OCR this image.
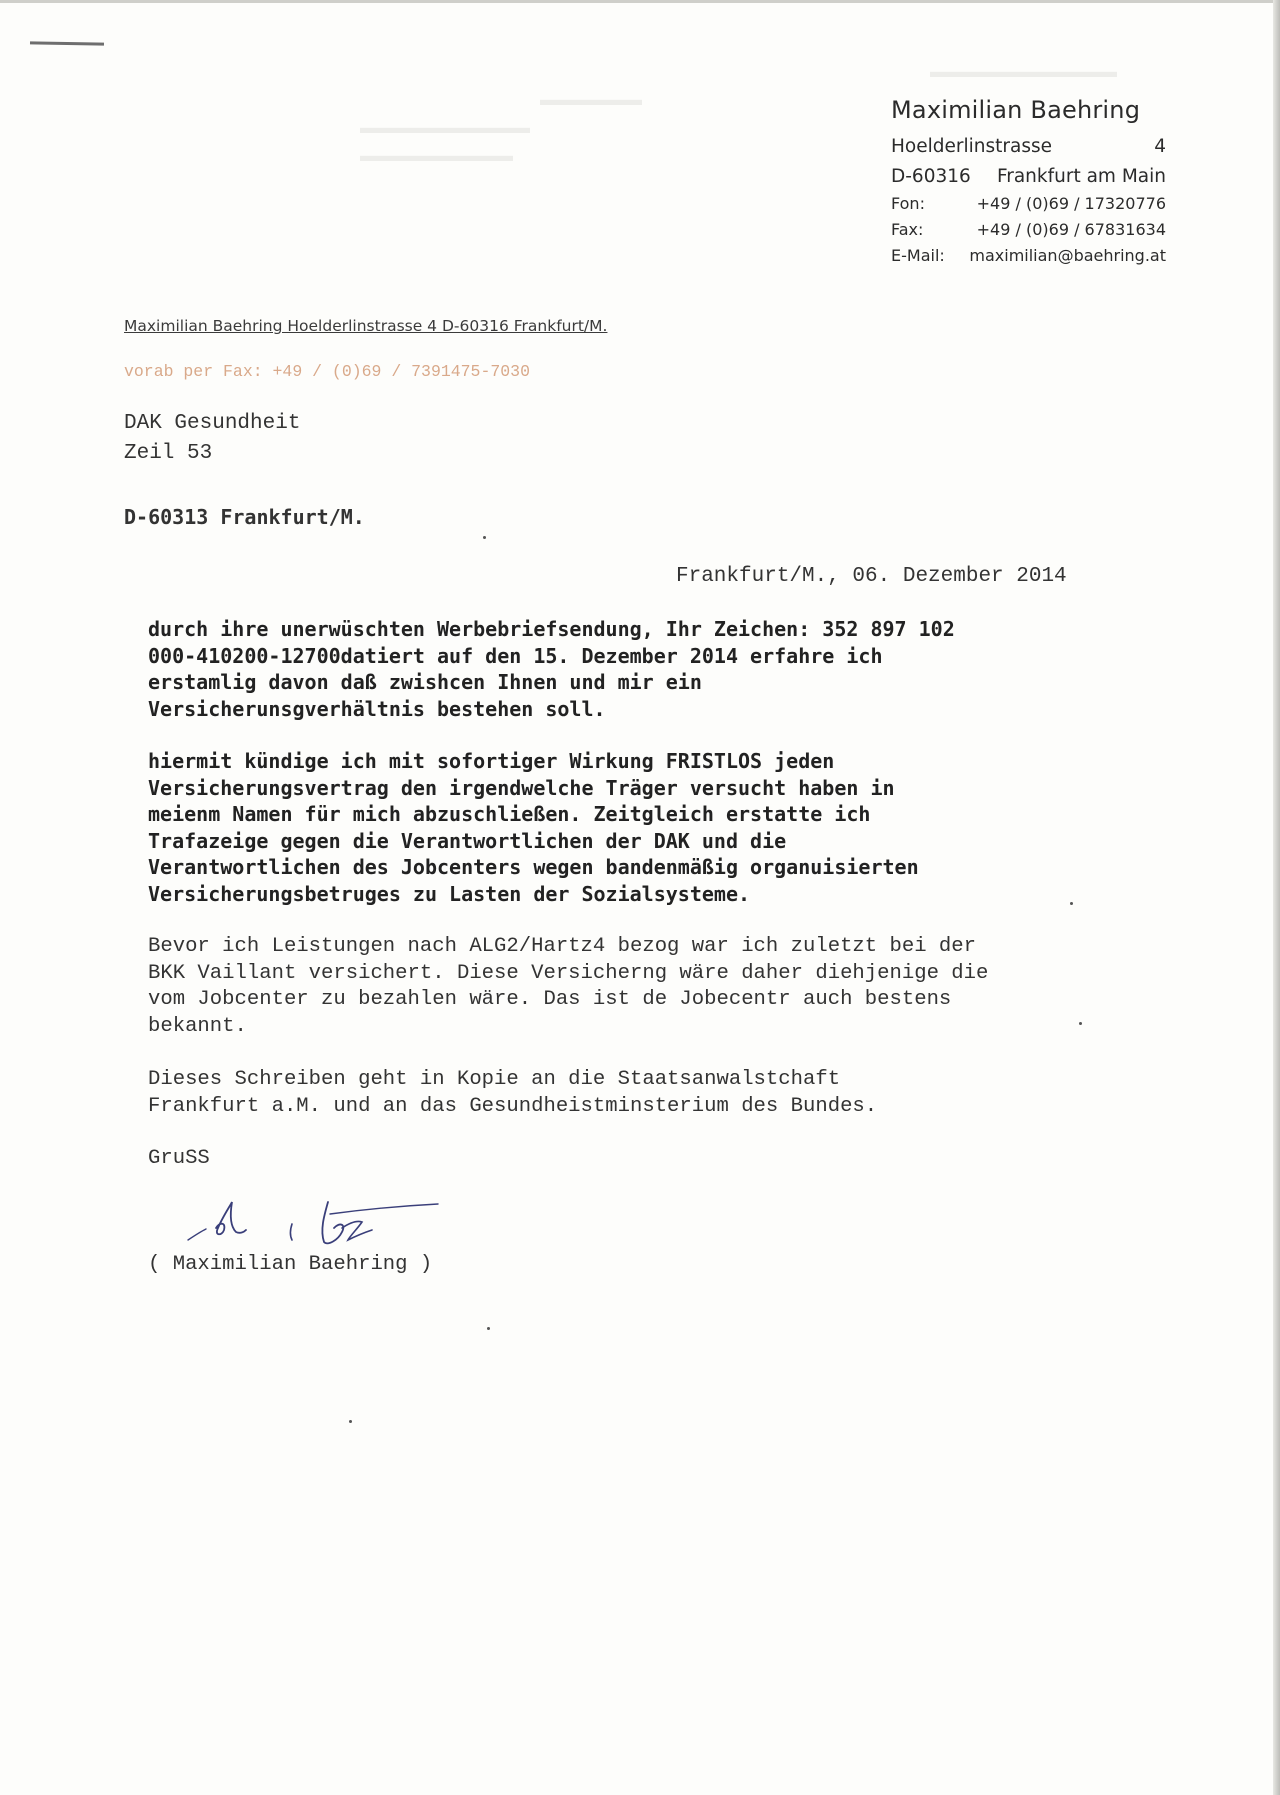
▬▬▬▬▬▬▬▬▬▬▬
▬▬▬▬▬▬
▬▬▬▬▬▬▬▬▬▬
▬▬▬▬▬▬▬▬▬
Maximilian Baehring
Hoelderlinstrasse	4
D-60316 Frankfurt am Main
Fon:	+49 / (0)69 / 17320776
Fax:	+49 / (0)69 / 67831634
E-Mail: maximilian@baehring.at
Maximilian Baehring Hoelderlinstrasse 4 D-60316 Frankfurt/M.
vorab per Fax: +49 / (0)69 / 7391475-7030
DAK Gesundheit
Zeil 53
D-60313 Frankfurt/M.
Frankfurt/M., 06. Dezember 2014
durch ihre unerwüschten Werbebriefsendung, Ihr Zeichen: 352 897 102
000-410200-12700datiert auf den 15. Dezember 2014 erfahre ich
erstamlig davon daß zwishcen Ihnen und mir ein
Versicherunsgverhältnis bestehen soll.
hiermit kündige ich mit sofortiger Wirkung FRISTLOS jeden
Versicherungsvertrag den irgendwelche Träger versucht haben in
meienm Namen für mich abzuschließen. Zeitgleich erstatte ich
Trafazeige gegen die Verantwortlichen der DAK und die
Verantwortlichen des Jobcenters wegen bandenmäßig organuisierten
Versicherungsbetruges zu Lasten der Sozialsysteme.
Bevor ich Leistungen nach ALG2/Hartz4 bezog war ich zuletzt bei der
BKK Vaillant versichert. Diese Versicherng wäre daher diehjenige die
vom Jobcenter zu bezahlen wäre. Das ist de Jobecentr auch bestens
bekannt.
Dieses Schreiben geht in Kopie an die Staatsanwalstchaft
Frankfurt a.M. und an das Gesundheistminsterium des Bundes.
GruSS
( Maximilian Baehring )
